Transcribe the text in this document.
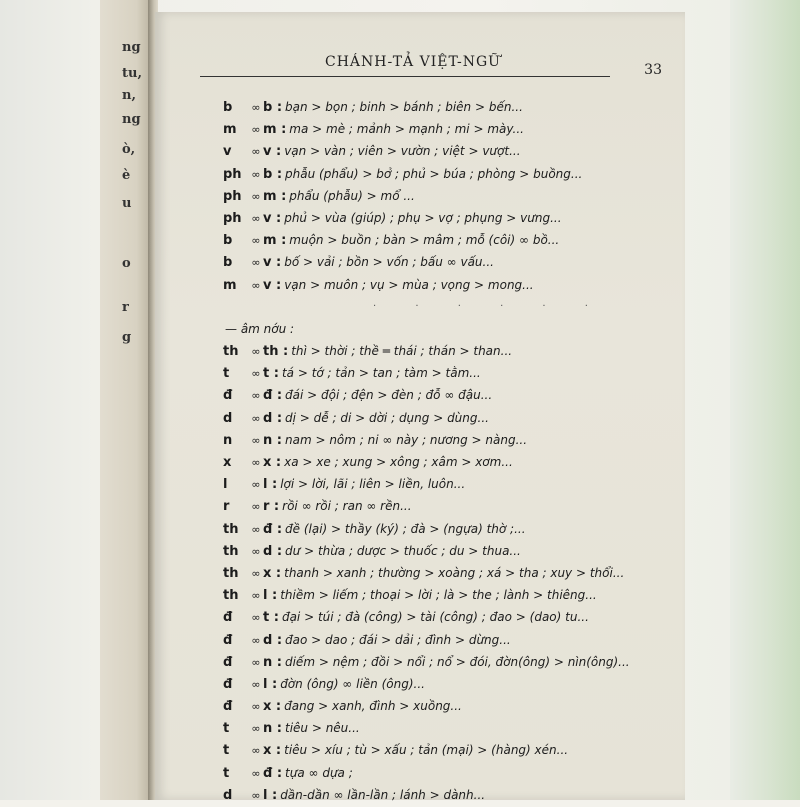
ng
tu,
n,
ng
ò,
è
u
o
r
g
CHÁNH-TẢ VIỆT-NGỮ	33
b ∞ b : bạn > bọn ; binh > bánh ; biên > bến...
m ∞ m : ma > mè ; mảnh > mạnh ; mi > mày...
v ∞ v : vạn > vàn ; viên > vườn ; việt > vượt...
ph ∞ b : phẫu (phẩu) > bở ; phủ > búa ; phòng > buồng...
ph ∞ m : phẩu (phẫu) > mổ ...
ph ∞ v : phủ > vùa (giúp) ; phụ > vợ ; phụng > vưng...
b ∞ m : muộn > buồn ; bàn > mâm ; mỗ (côi) ∞ bồ...
b ∞ v : bố > vải ; bồn > vốn ; bấu ∞ vấu...
m ∞ v : vạn > muôn ; vụ > mùa ; vọng > mong...
· · · · · ·
— âm nớu :
th ∞ th : thì > thời ; thề ═ thái ; thán > than...
t ∞ t : tá > tớ ; tản > tan ; tàm > tằm...
đ ∞ đ : đái > đội ; đện > đèn ; đỗ ∞ đậu...
d ∞ d : dị > dễ ; di > dời ; dụng > dùng...
n ∞ n : nam > nôm ; ni ∞ này ; nương > nàng...
x ∞ x : xa > xe ; xung > xông ; xâm > xơm...
l ∞ l : lợi > lời, lãi ; liên > liền, luôn...
r ∞ r : rồi ∞ rồi ; ran ∞ rền...
th ∞ đ : đề (lại) > thầy (ký) ; đà > (ngựa) thờ ;...
th ∞ d : dư > thừa ; dược > thuốc ; du > thua...
th ∞ x : thanh > xanh ; thường > xoàng ; xá > tha ; xuy > thổi...
th ∞ l : thiềm > liếm ; thoại > lời ; là > the ; lành > thiêng...
đ ∞ t : đại > túi ; đà (công) > tài (công) ; đao > (dao) tu...
đ ∞ d : đao > dao ; đái > dải ; đình > dừng...
đ ∞ n : diếm > nệm ; đồi > nổi ; nổ > đói, đờn(ông) > nìn(ông)...
đ ∞ l : đờn (ông) ∞ liền (ông)...
đ ∞ x : đang > xanh, đình > xuồng...
t ∞ n : tiêu > nêu...
t ∞ x : tiêu > xíu ; tù > xấu ; tản (mại) > (hàng) xén...
t ∞ đ : tựa ∞ dựa ;
d ∞ l : dần-dần ∞ lần-lần ; lánh > dành...
